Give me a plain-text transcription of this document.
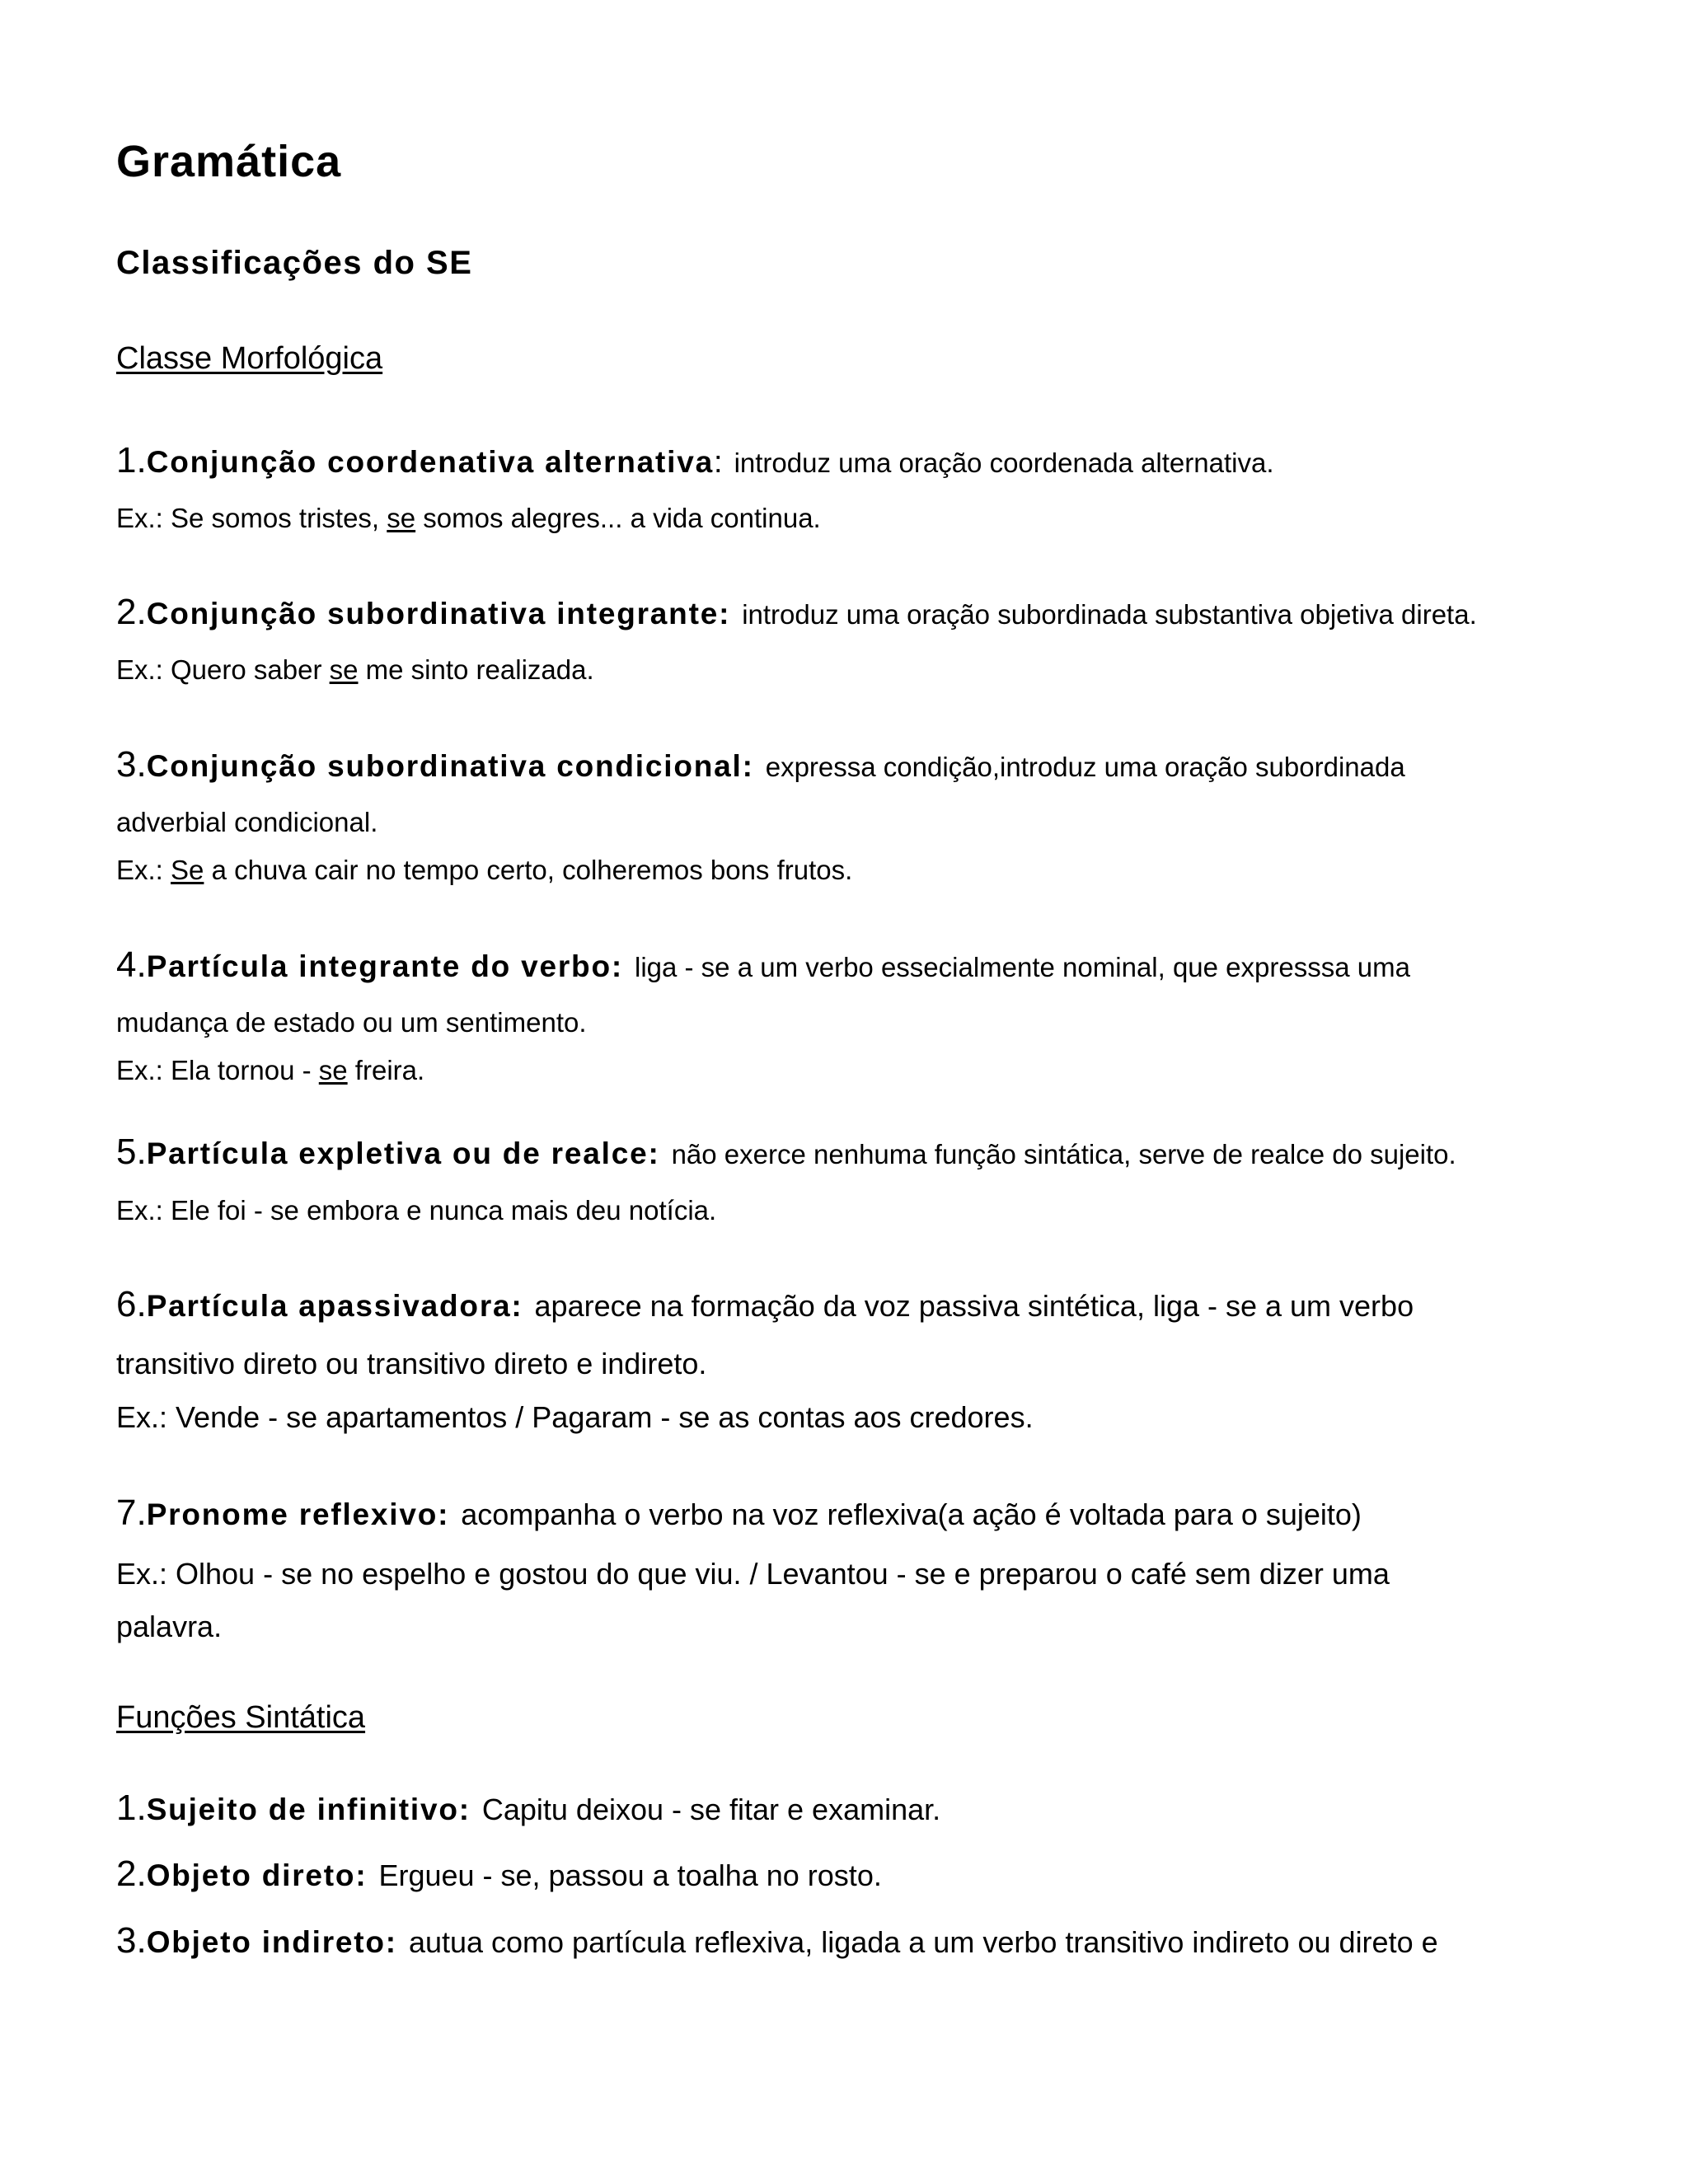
Gramática
Classificações do SE
Classe Morfológica
1. Conjunção coordenativa alternativa : introduz uma oração coordenada alternativa.
Ex.: Se somos tristes, se somos alegres... a vida continua.
2. Conjunção subordinativa integrante: introduz uma oração subordinada substantiva objetiva direta.
Ex.: Quero saber se me sinto realizada.
3. Conjunção subordinativa condicional: expressa condição,introduz uma oração subordinada
adverbial condicional.
Ex.: Se a chuva cair no tempo certo, colheremos bons frutos.
4. Partícula integrante do verbo: liga - se a um verbo essecialmente nominal, que expresssa uma
mudança de estado ou um sentimento.
Ex.: Ela tornou - se freira.
5. Partícula expletiva ou de realce: não exerce nenhuma função sintática, serve de realce do sujeito.
Ex.: Ele foi - se embora e nunca mais deu notícia.
6. Partícula apassivadora: aparece na formação da voz passiva sintética, liga - se a um verbo
transitivo direto ou transitivo direto e indireto.
Ex.: Vende - se apartamentos / Pagaram - se as contas aos credores.
7. Pronome reflexivo: acompanha o verbo na voz reflexiva(a ação é voltada para o sujeito)
Ex.: Olhou - se no espelho e gostou do que viu. / Levantou - se e preparou o café sem dizer uma
palavra.
Funções Sintática
1. Sujeito de infinitivo: Capitu deixou - se fitar e examinar.
2. Objeto direto: Ergueu - se, passou a toalha no rosto.
3. Objeto indireto: autua como partícula reflexiva, ligada a um verbo transitivo indireto ou direto e
